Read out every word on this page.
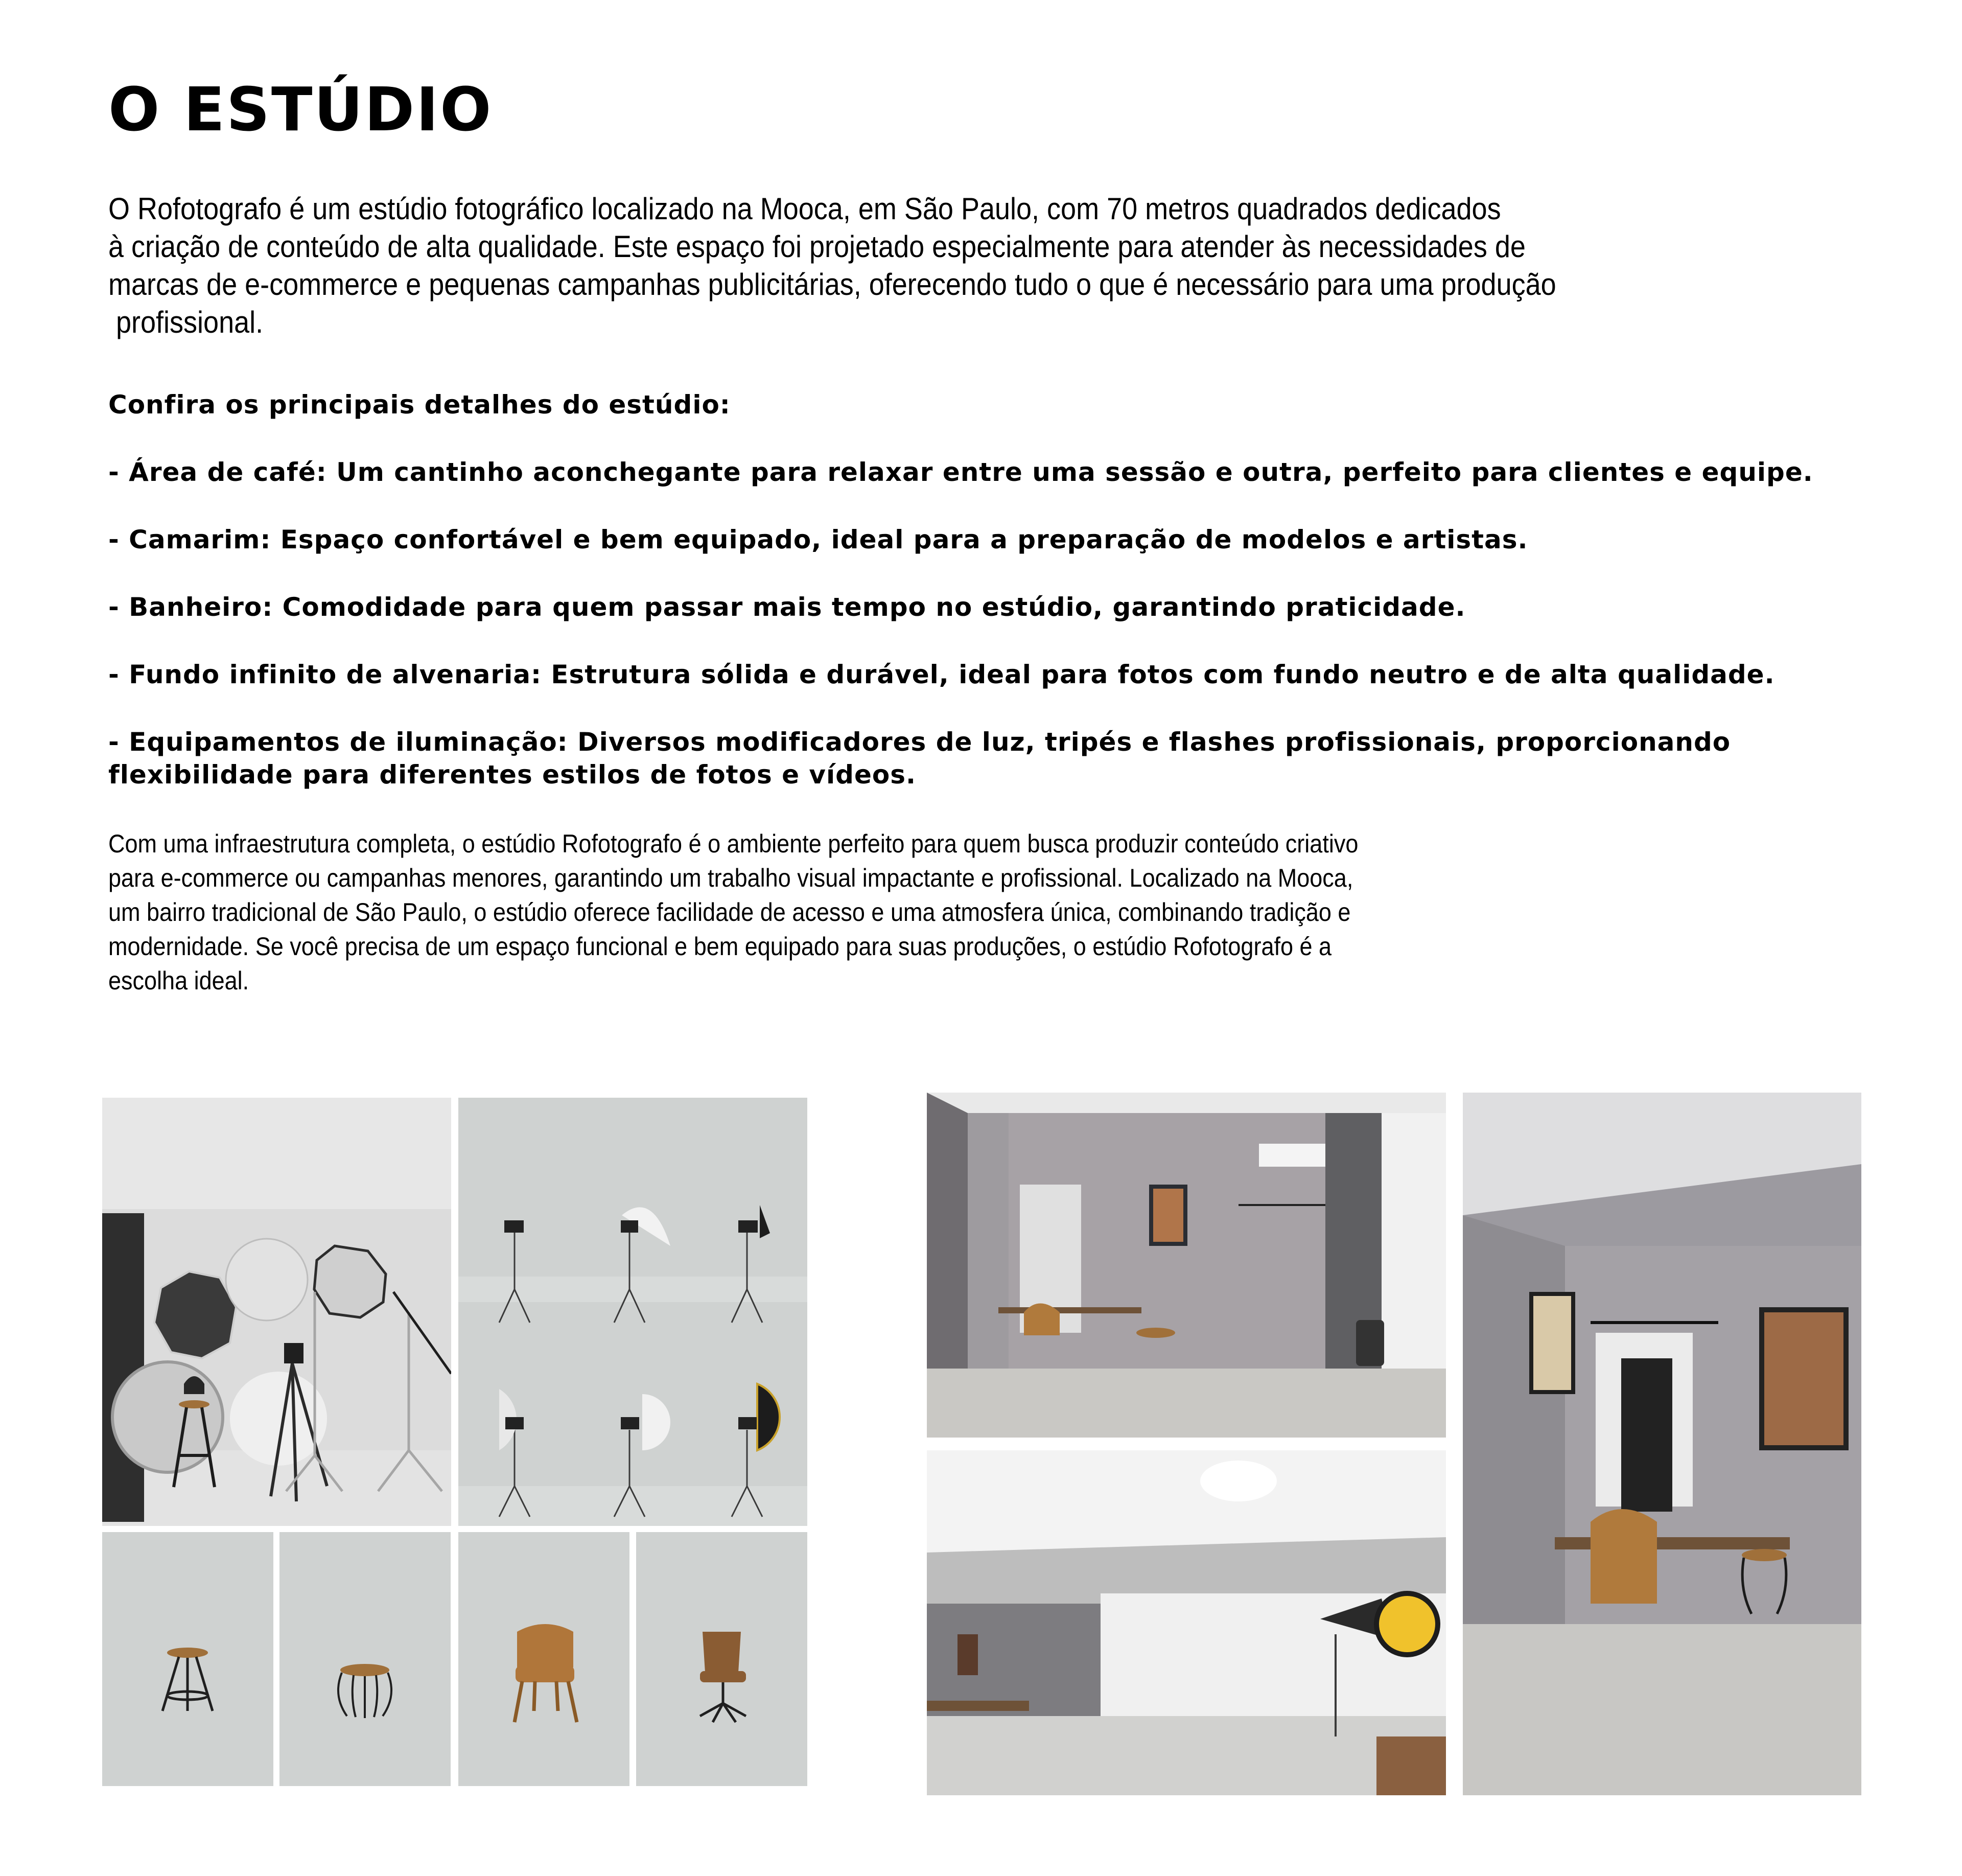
O ESTÚDIO
O Rofotografo é um estúdio fotográfico localizado na Mooca, em São Paulo, com 70 metros quadrados dedicados
à criação de conteúdo de alta qualidade. Este espaço foi projetado especialmente para atender às necessidades de
marcas de e-commerce e pequenas campanhas publicitárias, oferecendo tudo o que é necessário para uma produção
profissional.
Confira os principais detalhes do estúdio:
- Área de café: Um cantinho aconchegante para relaxar entre uma sessão e outra, perfeito para clientes e equipe.
- Camarim: Espaço confortável e bem equipado, ideal para a preparação de modelos e artistas.
- Banheiro: Comodidade para quem passar mais tempo no estúdio, garantindo praticidade.
- Fundo infinito de alvenaria: Estrutura sólida e durável, ideal para fotos com fundo neutro e de alta qualidade.
- Equipamentos de iluminação: Diversos modificadores de luz, tripés e flashes profissionais, proporcionando flexibilidade para diferentes estilos de fotos e vídeos.
Com uma infraestrutura completa, o estúdio Rofotografo é o ambiente perfeito para quem busca produzir conteúdo criativo
para e-commerce ou campanhas menores, garantindo um trabalho visual impactante e profissional. Localizado na Mooca,
um bairro tradicional de São Paulo, o estúdio oferece facilidade de acesso e uma atmosfera única, combinando tradição e
modernidade. Se você precisa de um espaço funcional e bem equipado para suas produções, o estúdio Rofotografo é a
escolha ideal.
